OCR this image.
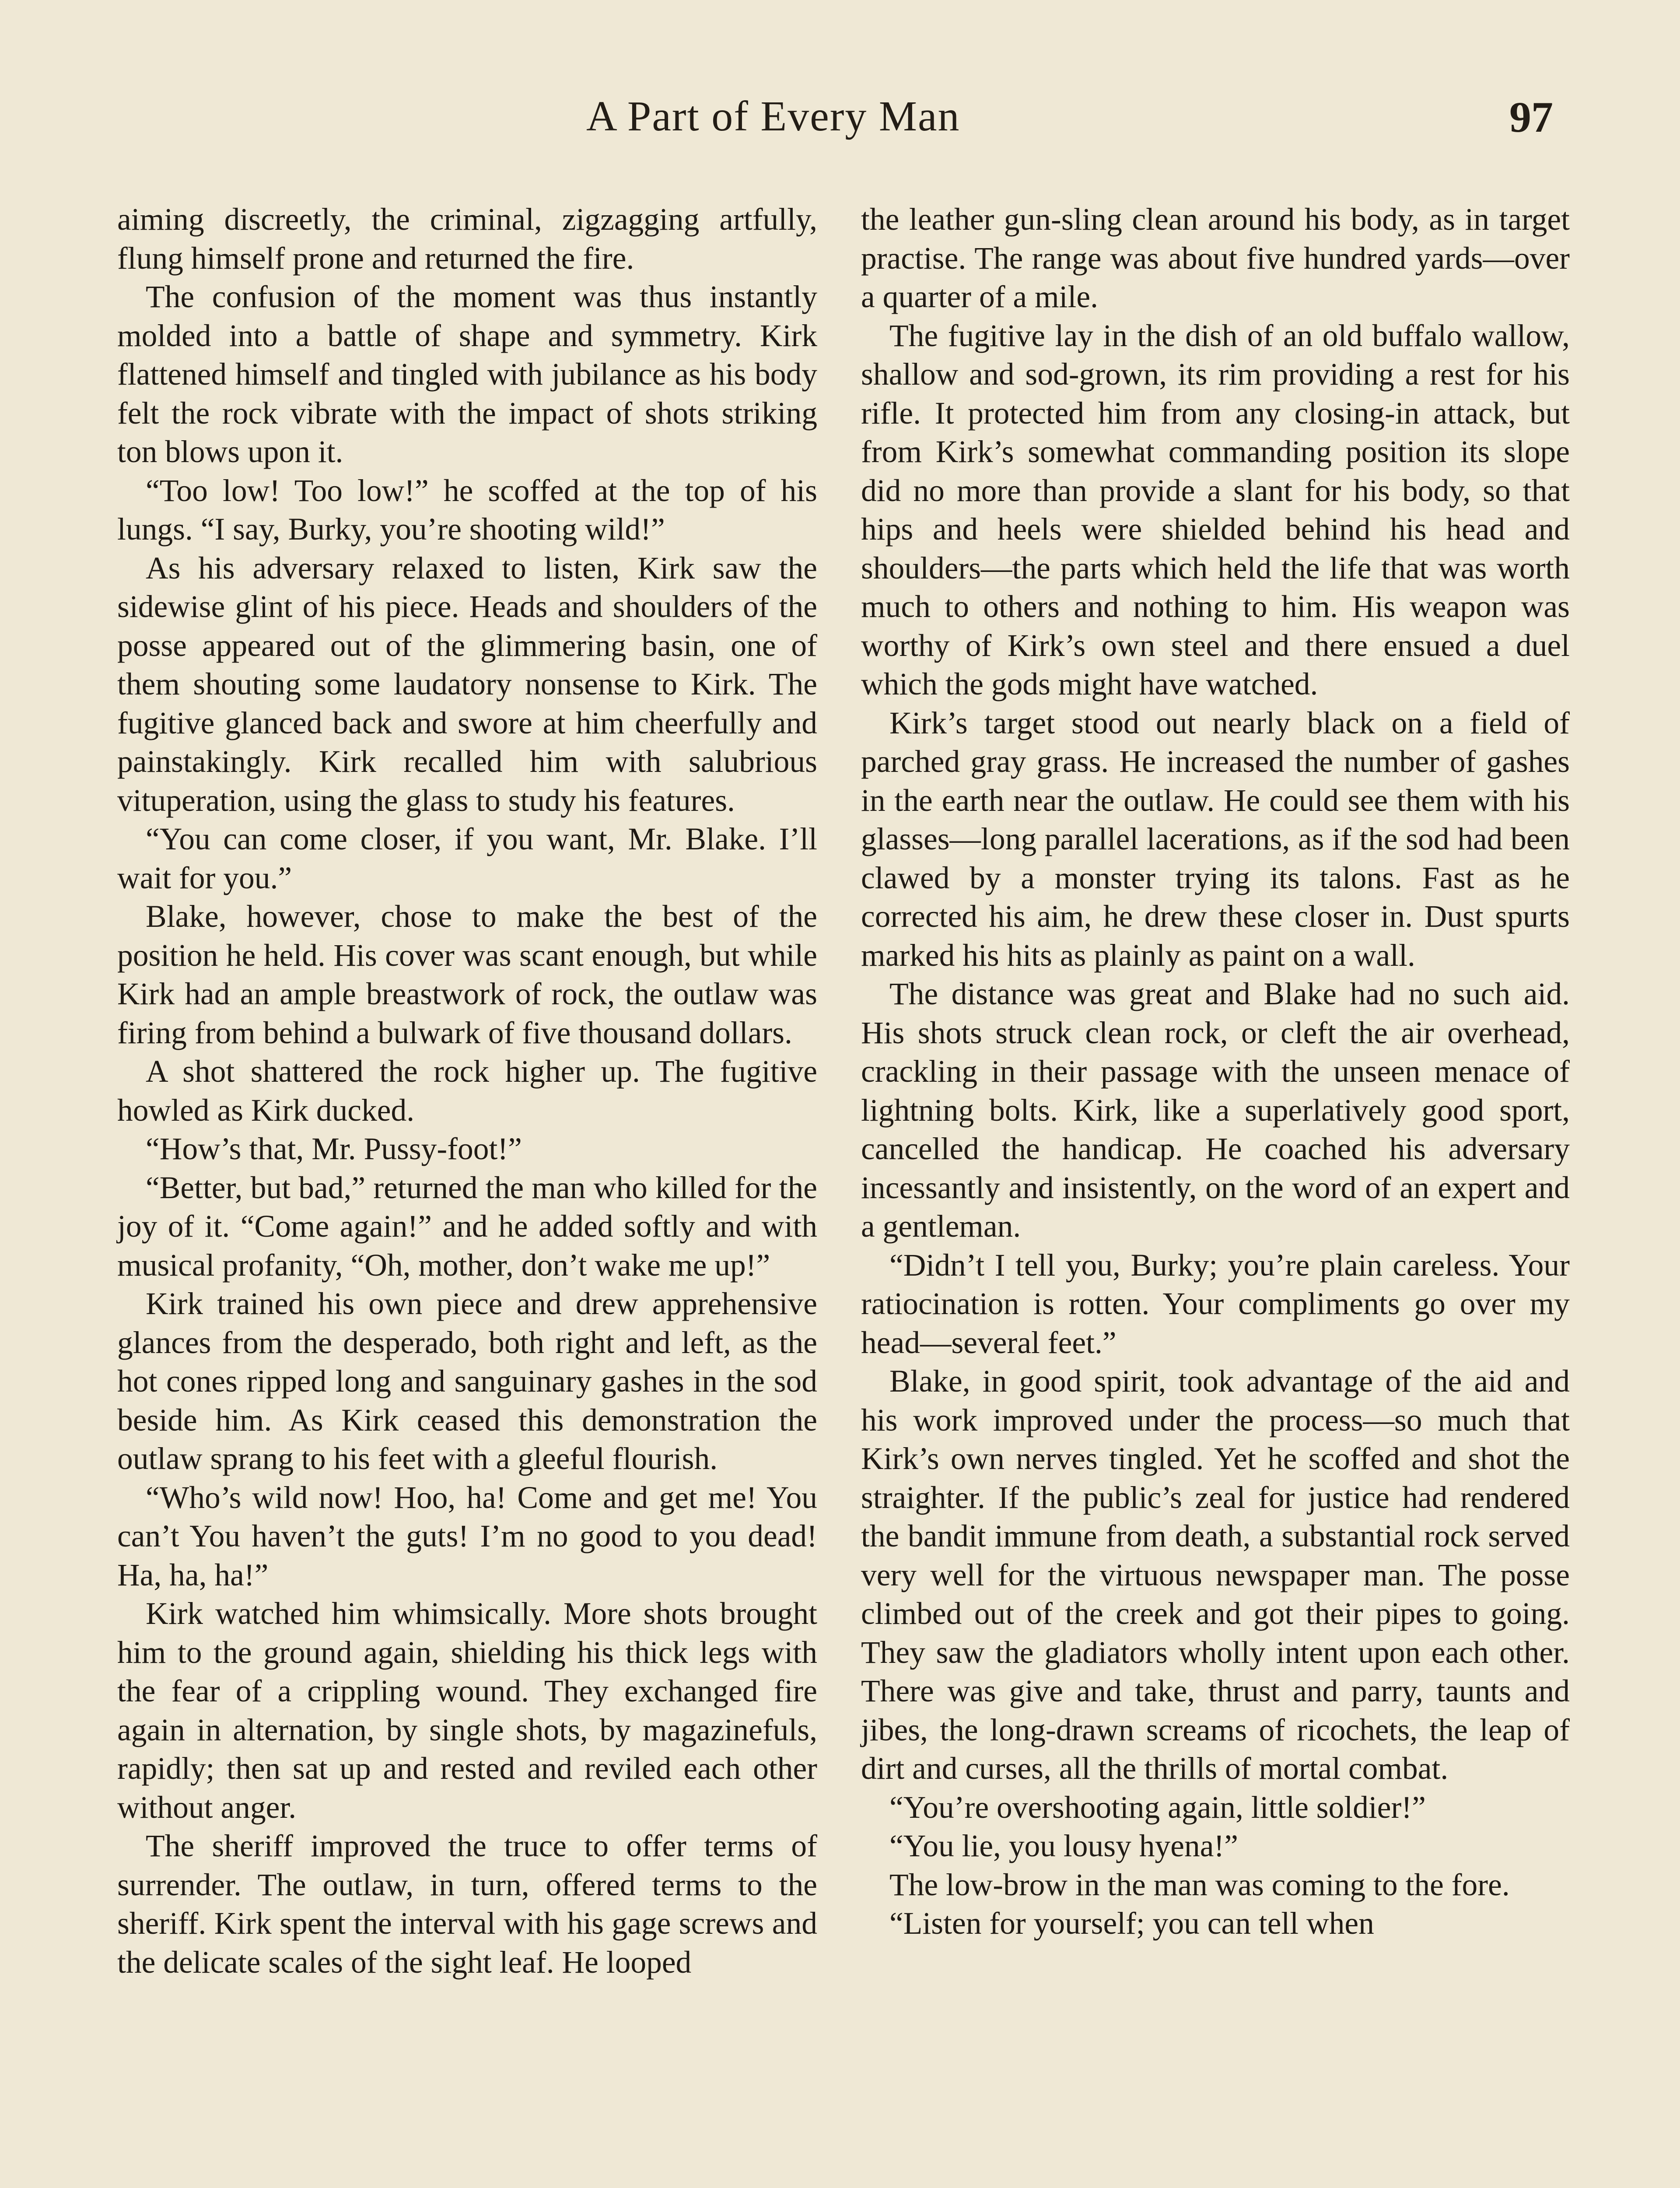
A Part of Every Man	97

aiming discreetly, the criminal, zigzagging artfully, flung himself prone and returned the fire.

The confusion of the moment was thus instantly molded into a battle of shape and symmetry. Kirk flattened himself and tingled with jubilance as his body felt the rock vibrate with the impact of shots striking ton blows upon it.

“Too low! Too low!” he scoffed at the top of his lungs. “I say, Burky, you’re shooting wild!”

As his adversary relaxed to listen, Kirk saw the sidewise glint of his piece. Heads and shoulders of the posse appeared out of the glimmering basin, one of them shouting some laudatory nonsense to Kirk. The fugitive glanced back and swore at him cheerfully and painstakingly. Kirk recalled him with salubrious vituperation, using the glass to study his features.

“You can come closer, if you want, Mr. Blake. I’ll wait for you.”

Blake, however, chose to make the best of the position he held. His cover was scant enough, but while Kirk had an ample breastwork of rock, the outlaw was firing from behind a bulwark of five thousand dollars.

A shot shattered the rock higher up. The fugitive howled as Kirk ducked.

“How’s that, Mr. Pussy-foot!”

“Better, but bad,” returned the man who killed for the joy of it. “Come again!” and he added softly and with musical profanity, “Oh, mother, don’t wake me up!”

Kirk trained his own piece and drew apprehensive glances from the desperado, both right and left, as the hot cones ripped long and sanguinary gashes in the sod beside him. As Kirk ceased this demonstration the outlaw sprang to his feet with a gleeful flourish.

“Who’s wild now! Hoo, ha! Come and get me! You can’t You haven’t the guts! I’m no good to you dead! Ha, ha, ha!”

Kirk watched him whimsically. More shots brought him to the ground again, shielding his thick legs with the fear of a crippling wound. They exchanged fire again in alternation, by single shots, by magazinefuls, rapidly; then sat up and rested and reviled each other without anger.

The sheriff improved the truce to offer terms of surrender. The outlaw, in turn, offered terms to the sheriff. Kirk spent the interval with his gage screws and the delicate scales of the sight leaf. He looped

the leather gun-sling clean around his body, as in target practise. The range was about five hundred yards—over a quarter of a mile.

The fugitive lay in the dish of an old buffalo wallow, shallow and sod-grown, its rim providing a rest for his rifle. It protected him from any closing-in attack, but from Kirk’s somewhat commanding position its slope did no more than provide a slant for his body, so that hips and heels were shielded behind his head and shoulders—the parts which held the life that was worth much to others and nothing to him. His weapon was worthy of Kirk’s own steel and there ensued a duel which the gods might have watched.

Kirk’s target stood out nearly black on a field of parched gray grass. He increased the number of gashes in the earth near the outlaw. He could see them with his glasses—long parallel lacerations, as if the sod had been clawed by a monster trying its talons. Fast as he corrected his aim, he drew these closer in. Dust spurts marked his hits as plainly as paint on a wall.

The distance was great and Blake had no such aid. His shots struck clean rock, or cleft the air overhead, crackling in their passage with the unseen menace of lightning bolts. Kirk, like a superlatively good sport, cancelled the handicap. He coached his adversary incessantly and insistently, on the word of an expert and a gentleman.

“Didn’t I tell you, Burky; you’re plain careless. Your ratiocination is rotten. Your compliments go over my head—several feet.”

Blake, in good spirit, took advantage of the aid and his work improved under the process—so much that Kirk’s own nerves tingled. Yet he scoffed and shot the straighter. If the public’s zeal for justice had rendered the bandit immune from death, a substantial rock served very well for the virtuous newspaper man. The posse climbed out of the creek and got their pipes to going. They saw the gladiators wholly intent upon each other. There was give and take, thrust and parry, taunts and jibes, the long-drawn screams of ricochets, the leap of dirt and curses, all the thrills of mortal combat.

“You’re overshooting again, little soldier!”

“You lie, you lousy hyena!”

The low-brow in the man was coming to the fore.

“Listen for yourself; you can tell when
